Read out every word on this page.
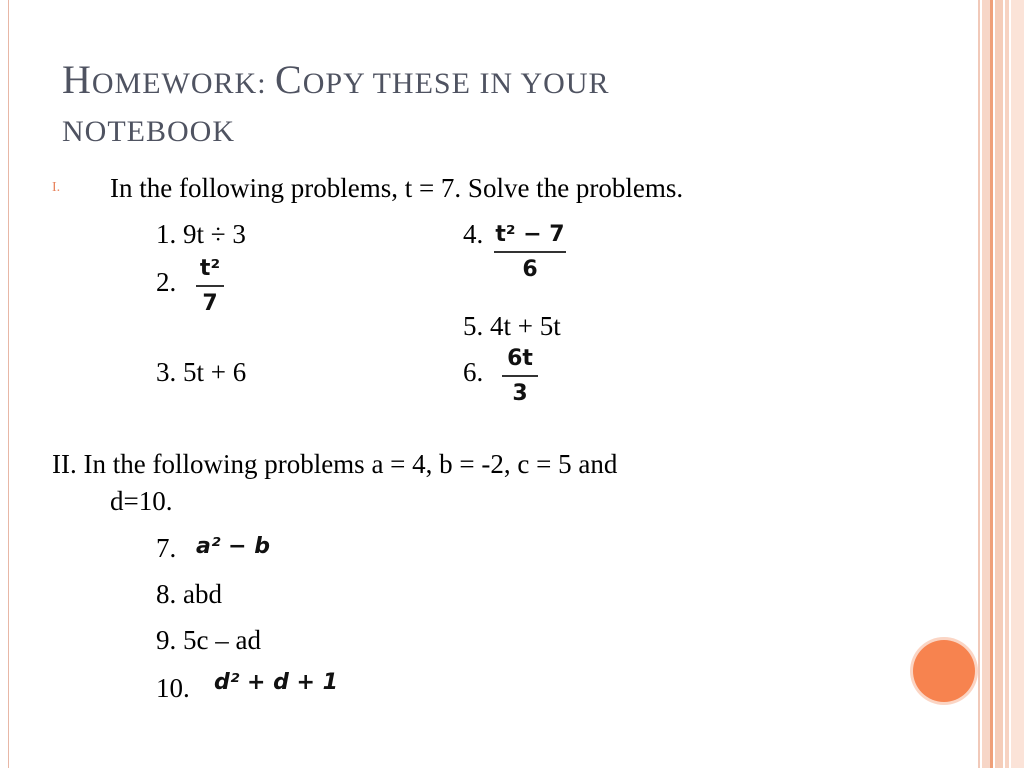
HOMEWORK: COPY THESE IN YOUR
NOTEBOOK
I. In the following problems, t = 7. Solve the problems.
1. 9t ÷ 3
2. t²
7
3. 5t + 6
4. t² − 7
6
5. 4t + 5t
6. 6t
3
II. In the following problems a = 4, b = -2, c = 5 and
d=10.
7. a² − b
8. abd
9. 5c – ad
10. d² + d + 1
